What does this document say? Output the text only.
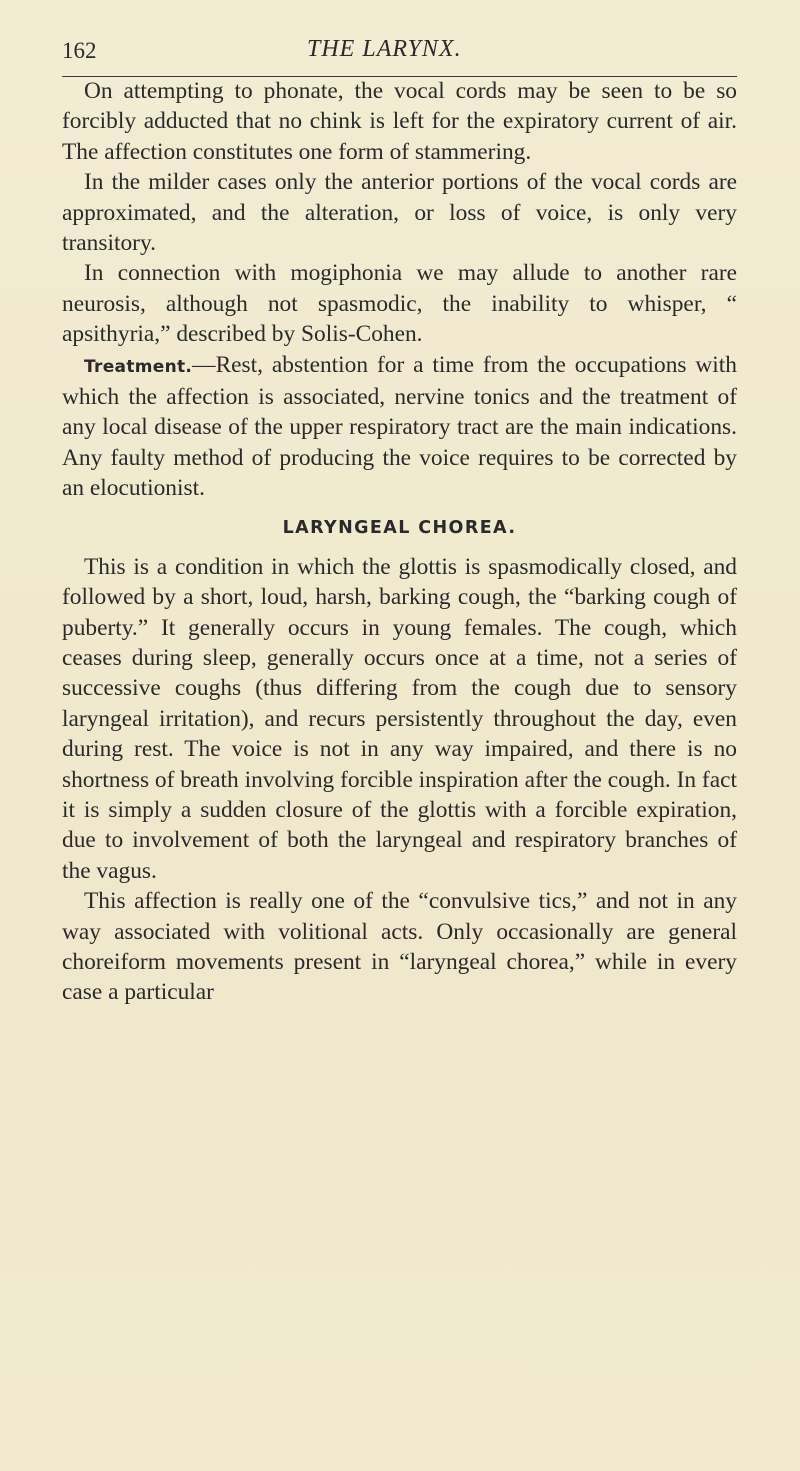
162	THE LARYNX.

On attempting to phonate, the vocal cords may be seen to be so forcibly adducted that no chink is left for the expiratory current of air. The affection constitutes one form of stammering.

In the milder cases only the anterior portions of the vocal cords are approximated, and the alteration, or loss of voice, is only very transitory.

In connection with mogiphonia we may allude to another rare neurosis, although not spasmodic, the inability to whisper, “ apsithyria,” described by Solis-Cohen.

Treatment.—Rest, abstention for a time from the occupations with which the affection is associated, nervine tonics and the treatment of any local disease of the upper respiratory tract are the main indications. Any faulty method of producing the voice requires to be corrected by an elocutionist.

LARYNGEAL CHOREA.

This is a condition in which the glottis is spasmodically closed, and followed by a short, loud, harsh, barking cough, the “barking cough of puberty.” It generally occurs in young females. The cough, which ceases during sleep, generally occurs once at a time, not a series of successive coughs (thus differing from the cough due to sensory laryngeal irritation), and recurs persistently throughout the day, even during rest. The voice is not in any way impaired, and there is no shortness of breath involving forcible inspiration after the cough. In fact it is simply a sudden closure of the glottis with a forcible expiration, due to involvement of both the laryngeal and respiratory branches of the vagus.

This affection is really one of the “convulsive tics,” and not in any way associated with volitional acts. Only occasionally are general choreiform movements present in “laryngeal chorea,” while in every case a particular
